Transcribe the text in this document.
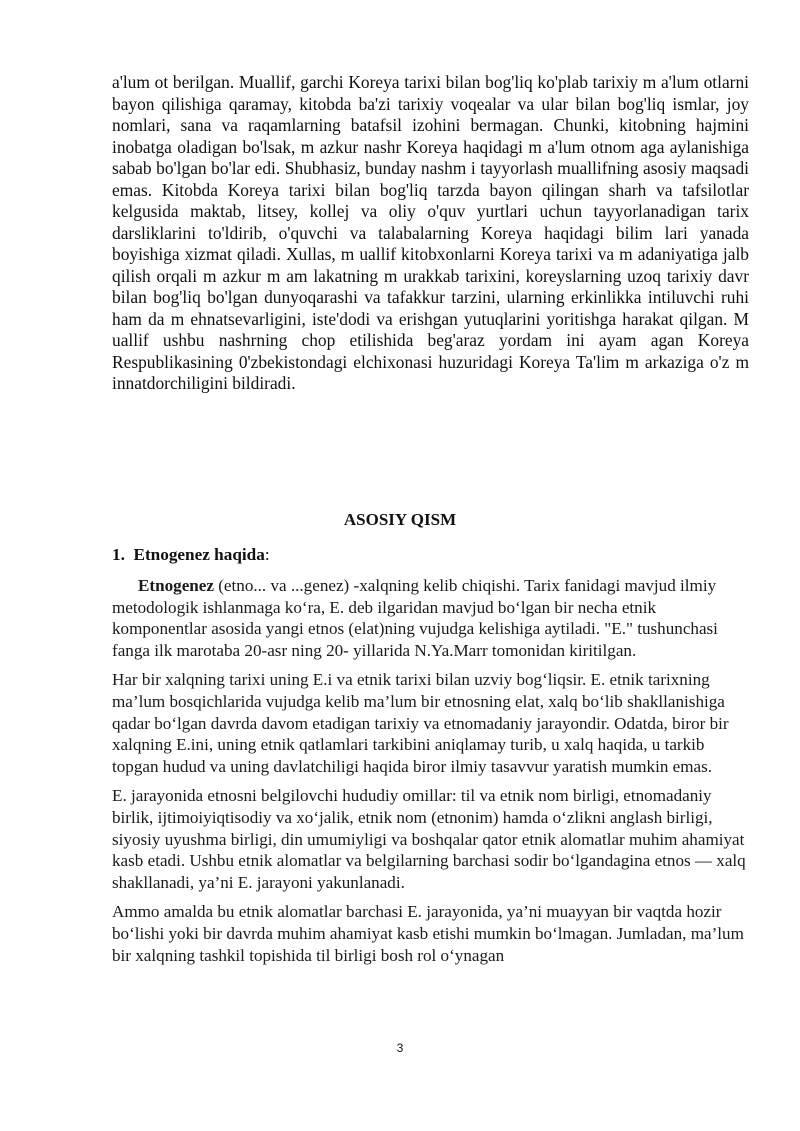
a'lum ot berilgan. Muallif, garchi Koreya tarixi bilan bog'liq ko'plab tarixiy m a'lum otlarni bayon qilishiga qaramay, kitobda ba'zi tarixiy voqealar va ular bilan bog'liq ismlar, joy nomlari, sana va raqamlarning batafsil izohini bermagan. Chunki, kitobning hajmini inobatga oladigan bo'lsak, m azkur nashr Koreya haqidagi m a'lum otnom aga aylanishiga sabab bo'lgan bo'lar edi. Shubhasiz, bunday nashm i tayyorlash muallifning asosiy maqsadi emas. Kitobda Koreya tarixi bilan bog'liq tarzda bayon qilingan sharh va tafsilotlar kelgusida maktab, litsey, kollej va oliy o'quv yurtlari uchun tayyorlanadigan tarix darsliklarini to'ldirib, o'quvchi va talabalarning Koreya haqidagi bilim lari yanada boyishiga xizmat qiladi. Xullas, m uallif kitobxonlarni Koreya tarixi va m adaniyatiga jalb qilish orqali m azkur m am lakatning m urakkab tarixini, koreyslarning uzoq tarixiy davr bilan bog'liq bo'lgan dunyoqarashi va tafakkur tarzini, ularning erkinlikka intiluvchi ruhi ham da m ehnatsevarligini, iste'dodi va erishgan yutuqlarini yoritishga harakat qilgan. M uallif ushbu nashrning chop etilishida beg'araz yordam ini ayam agan Koreya Respublikasining 0'zbekistondagi elchixonasi huzuridagi Koreya Ta'lim m arkaziga o'z m innatdorchiligini bildiradi.

ASOSIY QISM

1. Etnogenez haqida:

Etnogenez (etno... va ...genez) -xalqning kelib chiqishi. Tarix fanidagi mavjud ilmiy metodologik ishlanmaga ko‘ra, E. deb ilgaridan mavjud bo‘lgan bir necha etnik komponentlar asosida yangi etnos (elat)ning vujudga kelishiga aytiladi. "E." tushunchasi fanga ilk marotaba 20-asr ning 20- yillarida N.Ya.Marr tomonidan kiritilgan.

Har bir xalqning tarixi uning E.i va etnik tarixi bilan uzviy bog‘liqsir. E. etnik tarixning ma’lum bosqichlarida vujudga kelib ma’lum bir etnosning elat, xalq bo‘lib shakllanishiga qadar bo‘lgan davrda davom etadigan tarixiy va etnomadaniy jarayondir. Odatda, biror bir xalqning E.ini, uning etnik qatlamlari tarkibini aniqlamay turib, u xalq haqida, u tarkib topgan hudud va uning davlatchiligi haqida biror ilmiy tasavvur yaratish mumkin emas.

E. jarayonida etnosni belgilovchi hududiy omillar: til va etnik nom birligi, etnomadaniy birlik, ijtimoiyiqtisodiy va xo‘jalik, etnik nom (etnonim) hamda o‘zlikni anglash birligi, siyosiy uyushma birligi, din umumiyligi va boshqalar qator etnik alomatlar muhim ahamiyat kasb etadi. Ushbu etnik alomatlar va belgilarning barchasi sodir bo‘lgandagina etnos — xalq shakllanadi, ya’ni E. jarayoni yakunlanadi.

Ammo amalda bu etnik alomatlar barchasi E. jarayonida, ya’ni muayyan bir vaqtda hozir bo‘lishi yoki bir davrda muhim ahamiyat kasb etishi mumkin bo‘lmagan. Jumladan, ma’lum bir xalqning tashkil topishida til birligi bosh rol o‘ynagan

3
